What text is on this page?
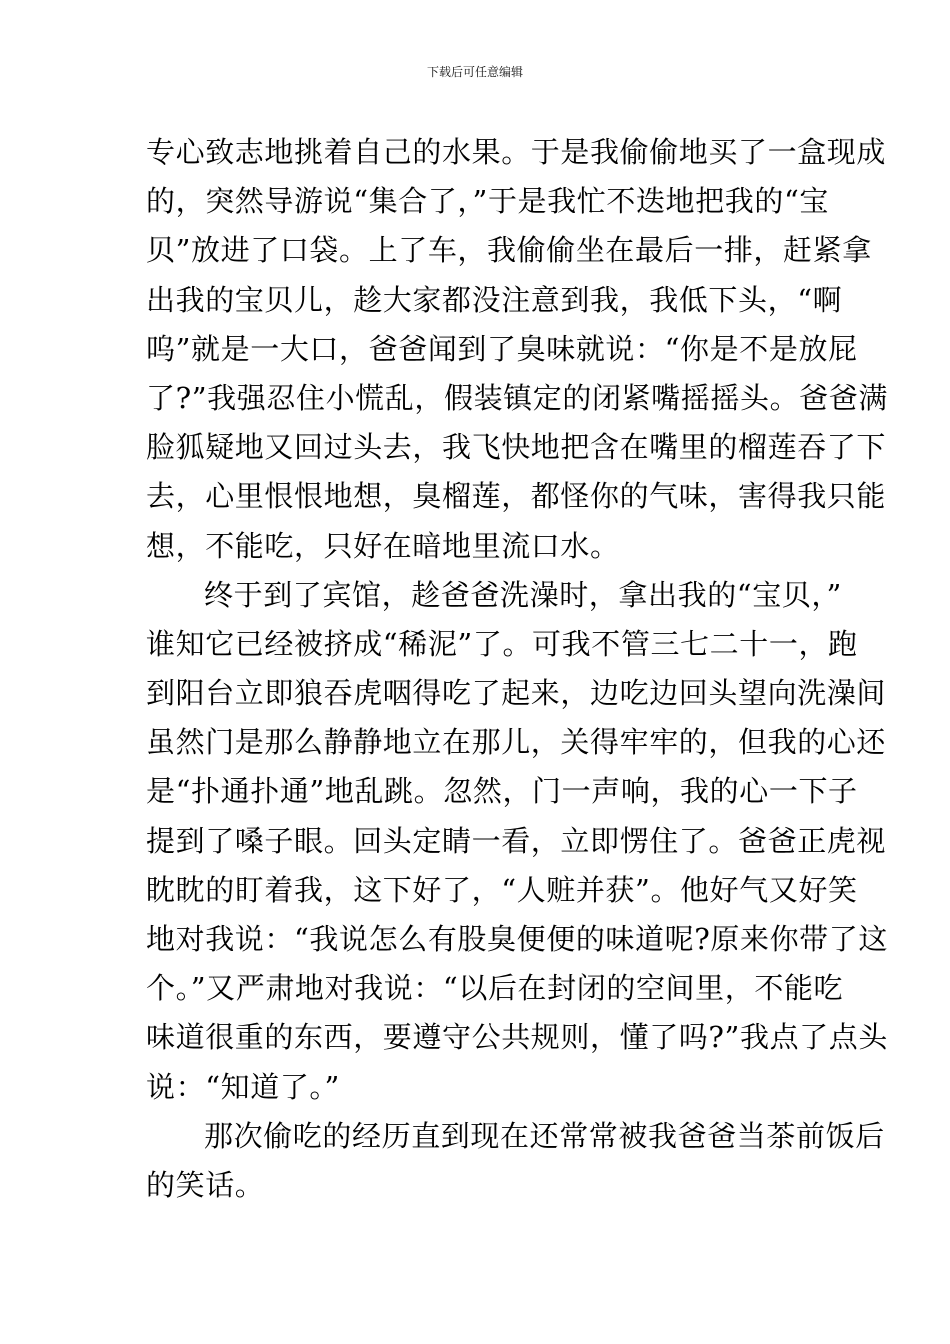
下载后可任意编辑

专心致志地挑着自己的水果。于是我偷偷地买了一盒现成
的，突然导游说“集合了，”于是我忙不迭地把我的“宝
贝”放进了口袋。上了车，我偷偷坐在最后一排，赶紧拿
出我的宝贝儿，趁大家都没注意到我，我低下头，“啊
呜”就是一大口，爸爸闻到了臭味就说：“你是不是放屁
了?”我强忍住小慌乱，假装镇定的闭紧嘴摇摇头。爸爸满
脸狐疑地又回过头去，我飞快地把含在嘴里的榴莲吞了下
去，心里恨恨地想，臭榴莲，都怪你的气味，害得我只能
想，不能吃，只好在暗地里流口水。

终于到了宾馆，趁爸爸洗澡时，拿出我的“宝贝，”
谁知它已经被挤成“稀泥”了。可我不管三七二十一，跑
到阳台立即狼吞虎咽得吃了起来，边吃边回头望向洗澡间
虽然门是那么静静地立在那儿，关得牢牢的，但我的心还
是“扑通扑通”地乱跳。忽然，门一声响，我的心一下子
提到了嗓子眼。回头定睛一看，立即愣住了。爸爸正虎视
眈眈的盯着我，这下好了，“人赃并获”。他好气又好笑
地对我说：“我说怎么有股臭便便的味道呢?原来你带了这
个。”又严肃地对我说：“以后在封闭的空间里，不能吃
味道很重的东西，要遵守公共规则，懂了吗?”我点了点头
说：“知道了。”

那次偷吃的经历直到现在还常常被我爸爸当茶前饭后
的笑话。
